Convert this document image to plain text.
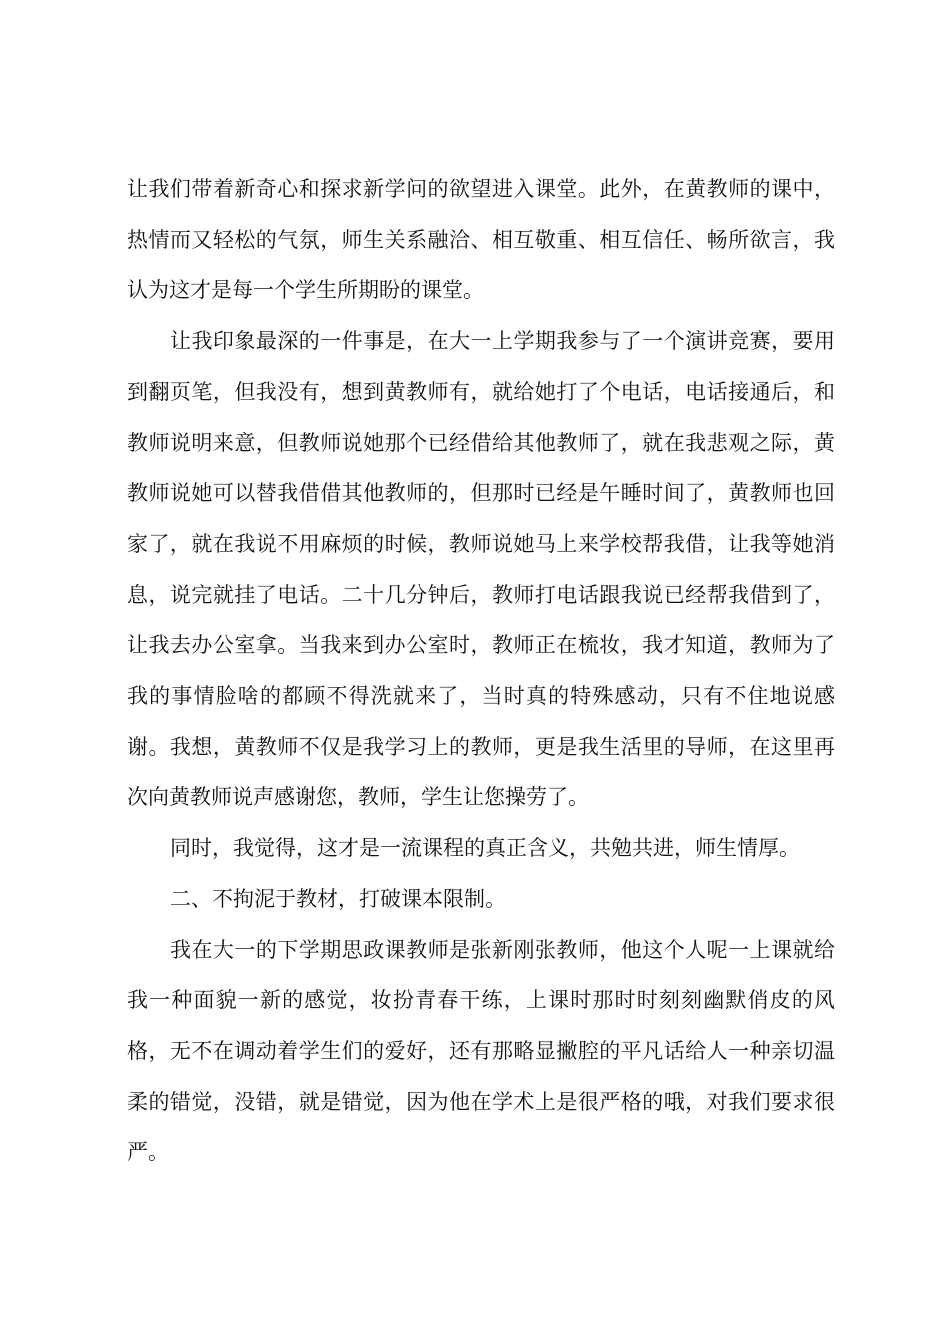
让我们带着新奇心和探求新学问的欲望进入课堂。此外，在黄教师的课中，热情而又轻松的气氛，师生关系融洽、相互敬重、相互信任、畅所欲言，我认为这才是每一个学生所期盼的课堂。

让我印象最深的一件事是，在大一上学期我参与了一个演讲竞赛，要用到翻页笔，但我没有，想到黄教师有，就给她打了个电话，电话接通后，和教师说明来意，但教师说她那个已经借给其他教师了，就在我悲观之际，黄教师说她可以替我借借其他教师的，但那时已经是午睡时间了，黄教师也回家了，就在我说不用麻烦的时候，教师说她马上来学校帮我借，让我等她消息，说完就挂了电话。二十几分钟后，教师打电话跟我说已经帮我借到了，让我去办公室拿。当我来到办公室时，教师正在梳妆，我才知道，教师为了我的事情脸啥的都顾不得洗就来了，当时真的特殊感动，只有不住地说感谢。我想，黄教师不仅是我学习上的教师，更是我生活里的导师，在这里再次向黄教师说声感谢您，教师，学生让您操劳了。

同时，我觉得，这才是一流课程的真正含义，共勉共进，师生情厚。

二、不拘泥于教材，打破课本限制。

我在大一的下学期思政课教师是张新刚张教师，他这个人呢一上课就给我一种面貌一新的感觉，妆扮青春干练，上课时那时时刻刻幽默俏皮的风格，无不在调动着学生们的爱好，还有那略显撇腔的平凡话给人一种亲切温柔的错觉，没错，就是错觉，因为他在学术上是很严格的哦，对我们要求很严。
